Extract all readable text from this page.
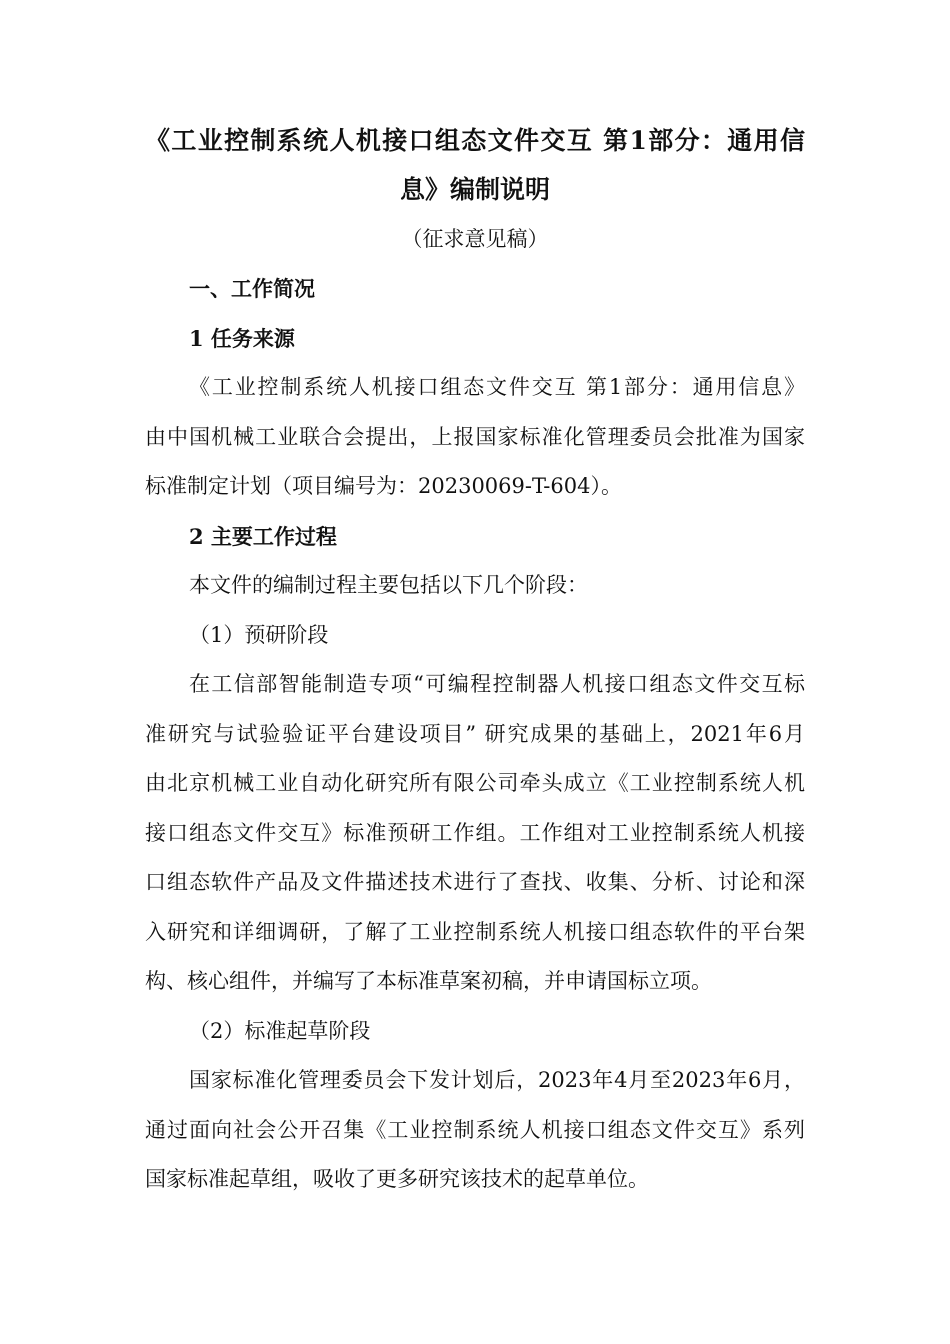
《工业控制系统人机接口组态文件交互 第1部分：通用信
息》编制说明
（征求意见稿）
一、工作简况
1 任务来源
《工业控制系统人机接口组态文件交互 第1部分：通用信息》
由中国机械工业联合会提出，上报国家标准化管理委员会批准为国家
标准制定计划（项目编号为：20230069-T-604）。
2 主要工作过程
本文件的编制过程主要包括以下几个阶段：
（1）预研阶段
在工信部智能制造专项“可编程控制器人机接口组态文件交互标
准研究与试验验证平台建设项目” 研究成果的基础上，2021年6月
由北京机械工业自动化研究所有限公司牵头成立《工业控制系统人机
接口组态文件交互》标准预研工作组。工作组对工业控制系统人机接
口组态软件产品及文件描述技术进行了查找、收集、分析、讨论和深
入研究和详细调研，了解了工业控制系统人机接口组态软件的平台架
构、核心组件，并编写了本标准草案初稿，并申请国标立项。
（2）标准起草阶段
国家标准化管理委员会下发计划后，2023年4月至2023年6月，
通过面向社会公开召集《工业控制系统人机接口组态文件交互》系列
国家标准起草组，吸收了更多研究该技术的起草单位。
